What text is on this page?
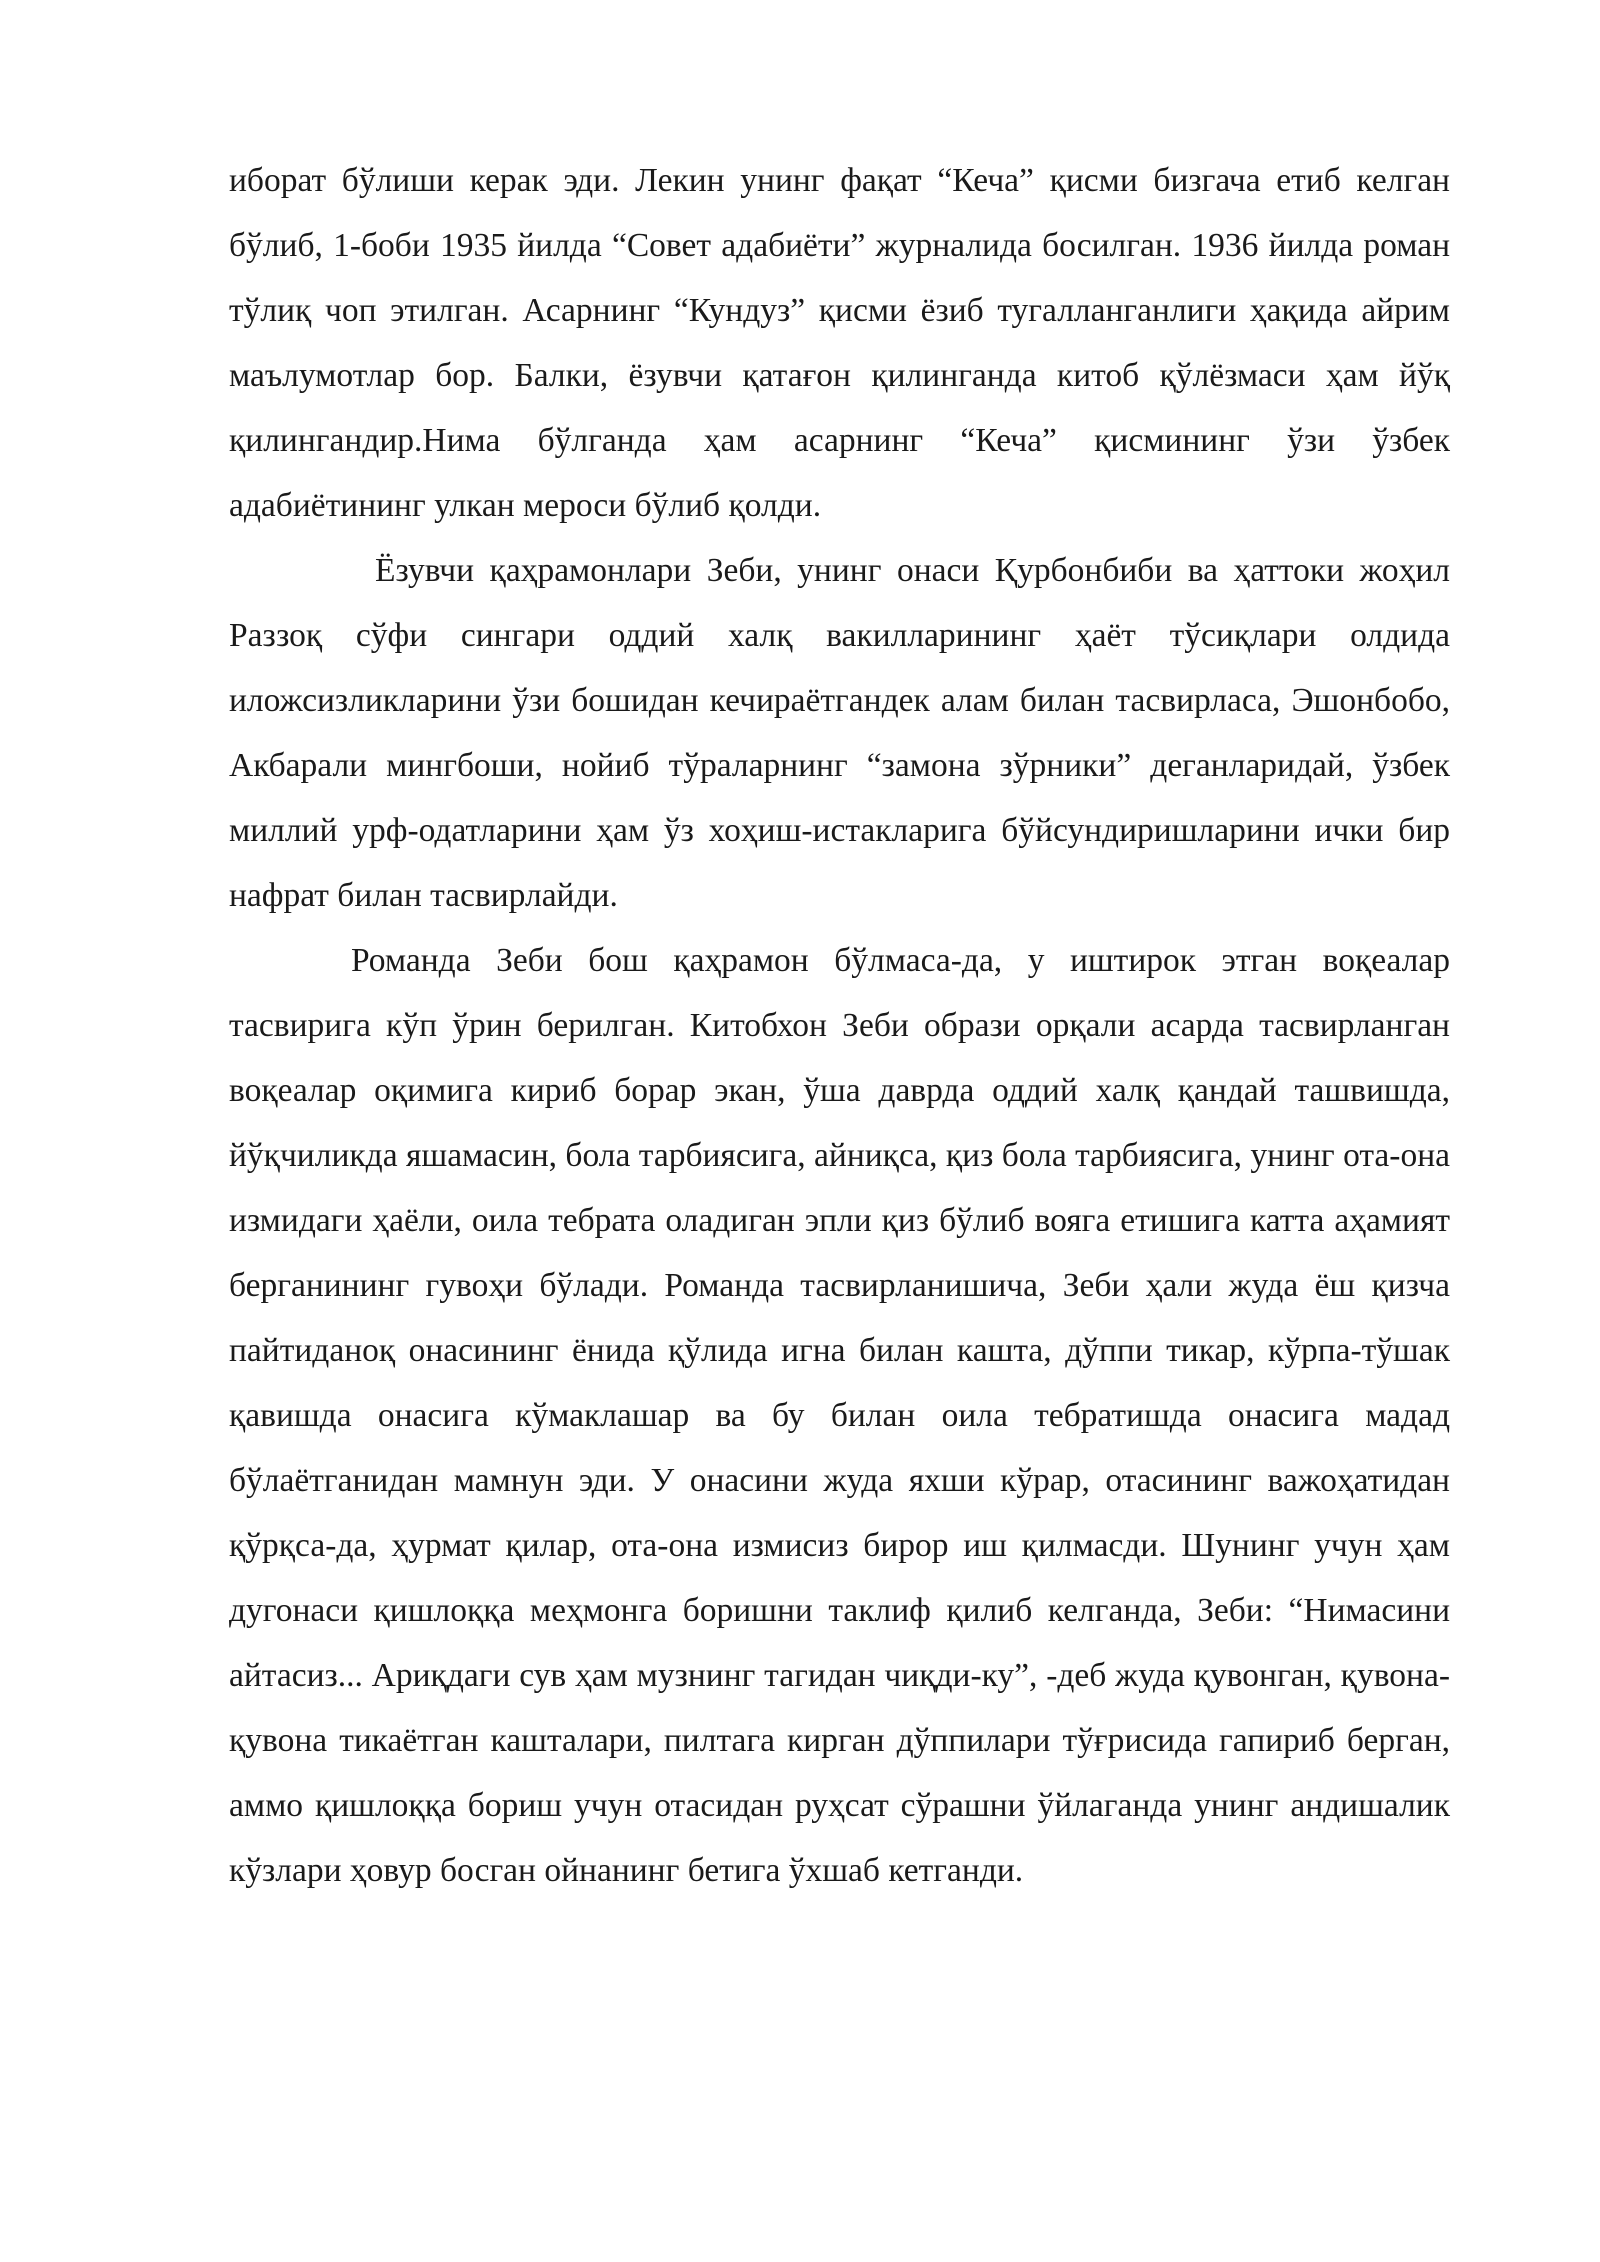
иборат бўлиши керак эди. Лекин унинг фақат “Кеча” қисми бизгача етиб келган бўлиб, 1-боби 1935 йилда “Совет адабиёти” журналида босилган. 1936 йилда роман тўлиқ чоп этилган. Асарнинг “Кундуз” қисми ёзиб тугалланганлиги ҳақида айрим маълумотлар бор. Балки, ёзувчи қатағон қилинганда китоб қўлёзмаси ҳам йўқ қилингандир.Нима бўлганда ҳам асарнинг “Кеча” қисмининг ўзи ўзбек адабиётининг улкан мероси бўлиб қолди.

Ёзувчи қаҳрамонлари Зеби, унинг онаси Қурбонбиби ва ҳаттоки жоҳил Раззоқ сўфи сингари оддий халқ вакилларининг ҳаёт тўсиқлари олдида иложсизликларини ўзи бошидан кечираётгандек алам билан тасвирласа, Эшонбобо, Акбарали мингбоши, нойиб тўраларнинг “замона зўрники” деганларидай, ўзбек миллий урф-одатларини ҳам ўз хоҳиш-истакларига бўйсундиришларини ички бир нафрат билан тасвирлайди.

Романда Зеби бош қаҳрамон бўлмаса-да, у иштирок этган воқеалар тасвирига кўп ўрин берилган. Китобхон Зеби образи орқали асарда тасвирланган воқеалар оқимига кириб борар экан, ўша даврда оддий халқ қандай ташвишда, йўқчиликда яшамасин, бола тарбиясига, айниқса, қиз бола тарбиясига, унинг ота-она измидаги ҳаёли, оила тебрата оладиган эпли қиз бўлиб вояга етишига катта аҳамият берганининг гувоҳи бўлади. Романда тасвирланишича, Зеби ҳали жуда ёш қизча пайтиданоқ онасининг ёнида қўлида игна билан кашта, дўппи тикар, кўрпа-тўшак қавишда онасига кўмаклашар ва бу билан оила тебратишда онасига мадад бўлаётганидан мамнун эди. У онасини жуда яхши кўрар, отасининг важоҳатидан қўрқса-да, ҳурмат қилар, ота-она измисиз бирор иш қилмасди. Шунинг учун ҳам дугонаси қишлоққа меҳмонга боришни таклиф қилиб келганда, Зеби: “Нимасини айтасиз... Ариқдаги сув ҳам музнинг тагидан чиқди-ку”, -деб жуда қувонган, қувона-қувона тикаётган кашталари, пилтага кирган дўппилари тўғрисида гапириб берган, аммо қишлоққа бориш учун отасидан руҳсат сўрашни ўйлаганда унинг андишалик кўзлари ҳовур босган ойнанинг бетига ўхшаб кетганди.
